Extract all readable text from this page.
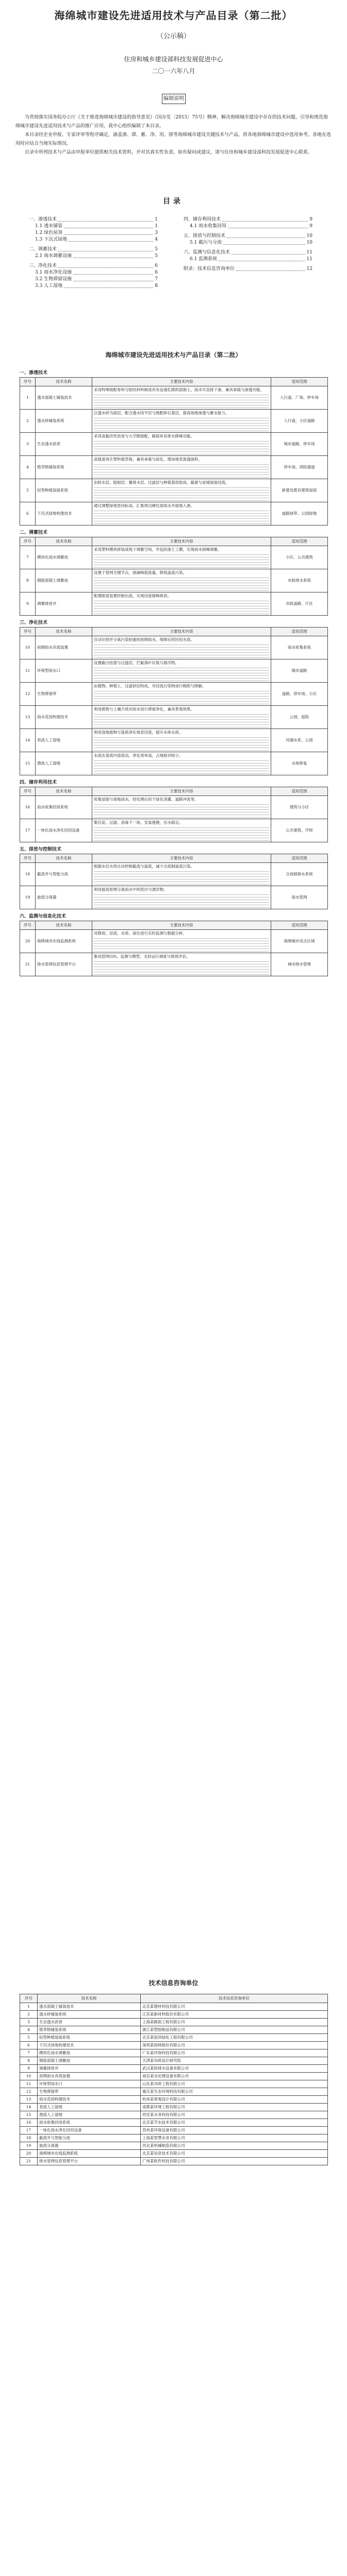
海绵城市建设先进适用技术与产品目录（第二批）
（公示稿）
住房和城乡建设部科技发展促进中心
二〇一六年八月
编制说明

为贯彻落实国务院办公厅《关于推进海绵城市建设的指导意见》（国办发〔2015〕75号）精神，解决海绵城市建设中存在的技术问题，引导和规范海绵城市建设先进适用技术与产品的推广应用，我中心组织编制了本目录。

本目录经企业申报、专家评审等程序确定，涵盖渗、滞、蓄、净、用、排等海绵城市建设关键技术与产品，供各地海绵城市建设中选用参考。各地在选用时应结合当地实际情况。

目录中所列技术与产品由申报单位提供相关技术资料，并对其真实性负责。如有疑问或建议，请与住房和城乡建设部科技发展促进中心联系。

目录
一、渗透技术	1
1.1 透水铺装	1
1.2 绿色屋顶	3
1.3 下沉式绿地	4
二、调蓄技术	5
2.1 雨水调蓄设施	5
三、净化技术	6
3.1 雨水净化设施	6
3.2 生物滞留设施	7
3.3 人工湿地	8
四、储存利用技术	9
4.1 雨水收集回用	9
五、排放与控制技术	10
5.1 截污与分流	10
六、监测与信息化技术	11
6.1 监测系统	11
附录：技术信息咨询单位	12
海绵城市建设先进适用技术与产品目录（第二批）
一、渗透技术
序号	技术名称	主要技术内容	适用范围
1	透水混凝土铺装技术	采用特殊级配骨料与胶结材料制成具有连通孔隙的混凝土，雨水可直接下渗，兼具承载与渗透功能。	人行道、广场、停车场
2	透水砖铺装系统	以透水砖为面层，配合透水找平层与级配碎石基层，提高场地渗透与蓄水能力。	人行道、小区道路
3	生态透水沥青	采用高黏改性沥青与大空隙级配，路面具有排水降噪功能。	城市道路、停车场
4	植草格铺装系统	高强度再生塑料植草格，兼具承重与绿化，增加地表渗透面积。	停车场、消防通道
5	轻型种植屋面系统	由防水层、阻根层、蓄排水层、过滤层与种植基质组成，截留与延缓屋面径流。	新建及既有建筑屋面
6	下沉式绿地构建技术	通过调整绿地竖向标高，汇集周边硬化面雨水并就地入渗。	道路绿带、公园绿地
二、调蓄技术
序号	技术名称	主要技术内容	适用范围
7	模块化雨水调蓄池	采用塑料模块拼装成地下调蓄空间，外包防渗土工膜，实现雨水削峰调蓄。	小区、公共建筑
8	钢筋混凝土调蓄池	设置于管网关键节点，削减峰值流量，降低溢流污染。	市政排水系统
9	调蓄排放井	配置限流装置控制出流，实现径流错峰排放。	市政道路、片区
三、净化技术
序号	技术名称	主要技术内容	适用范围
10	初期雨水弃流装置	自动识别并分离污染较重的初期雨水，保障后续回用水质。	雨水收集系统
11	环保型雨水口	设置截污挂篮与过滤层，拦截落叶垃圾与悬浮物。	城市道路
12	生物滞留带	由植物、种植土、过滤砂层构成，对径流污染物进行吸附与降解。	道路、停车场、小区
13	雨水花园构建技术	利用植物与土壤介质对雨水进行滞留净化，兼具景观效果。	公园、庭院
14	表流人工湿地	利用湿地植物与基质净化地表径流，提升水体水质。	河湖水系、公园
15	潜流人工湿地	水流在基质内部流动，净化效率高，占地相对较小。	水体修复
四、储存利用技术
序号	技术名称	主要技术内容	适用范围
16	雨水收集回用系统	收集屋面与场地雨水，经处理后用于绿化浇灌、道路冲洗等。	建筑与小区
17	一体化雨水净化回用设备	集沉淀、过滤、消毒于一体，安装便捷，出水稳定。	公共建筑、学校
五、排放与控制技术
序号	技术名称	主要技术内容	适用范围
18	截流井与智能分流	根据水位水质自动控制截流与溢流，减少合流制溢流污染。	合流制排水系统
19	旋流分离器	利用旋流原理分离雨水中的泥沙与漂浮物。	雨水管网
六、监测与信息化技术
序号	技术名称	主要技术内容	适用范围
20	海绵城市在线监测系统	对降雨、径流、水质、液位进行实时监测与数据分析。	海绵城市试点区域
21	排水管网信息管理平台	集成管网GIS、监测与模型，支持运行调度与绩效评估。	城市排水管理
技术信息咨询单位
序号	技术名称	技术信息咨询单位
1	透水混凝土铺装技术	北京某建材科技有限公司
2	透水砖铺装系统	江苏某新材料股份有限公司
3	生态透水沥青	上海某路面工程有限公司
4	植草格铺装系统	浙江某塑胶制品有限公司
5	轻型种植屋面系统	北京某屋顶绿化工程有限公司
6	下沉式绿地构建技术	深圳某园林股份有限公司
7	模块化雨水调蓄池	广东某环保科技有限公司
8	钢筋混凝土调蓄池	天津某市政设计研究院
9	调蓄排放井	武汉某给排水设备有限公司
10	初期雨水弃流装置	南京某水处理设备有限公司
11	环保型雨水口	山东某市政工程有限公司
12	生物滞留带	重庆某生态环境科技有限公司
13	雨水花园构建技术	杭州某景观设计有限公司
14	表流人工湿地	成都某环境工程有限公司
15	潜流人工湿地	西安某水务科技有限公司
16	雨水收集回用系统	北京某节水技术有限公司
17	一体化雨水净化回用设备	苏州某环保设备有限公司
18	截流井与智能分流	上海某智慧水务有限公司
19	旋流分离器	河北某机械制造有限公司
20	海绵城市在线监测系统	北京某信息技术有限公司
21	排水管网信息管理平台	广州某软件科技有限公司
